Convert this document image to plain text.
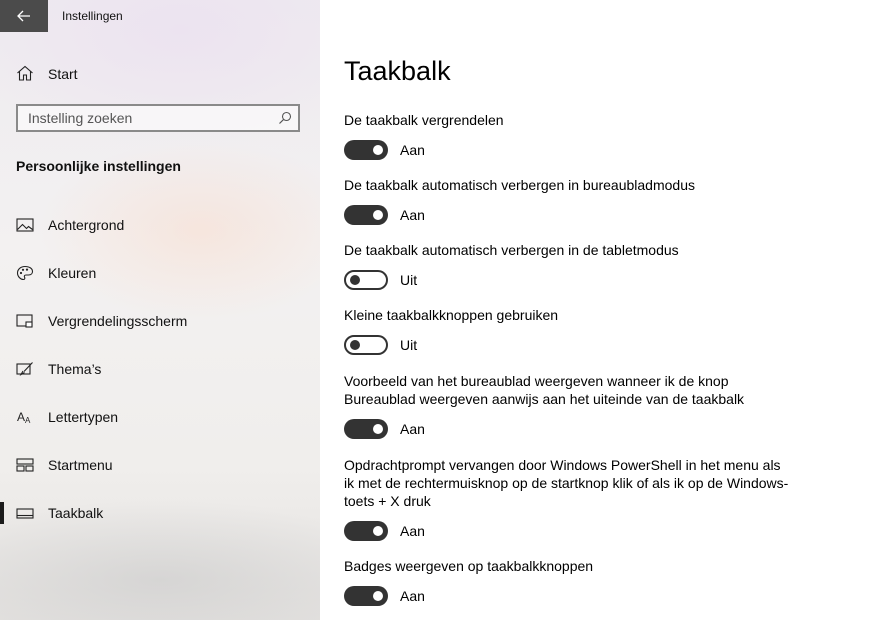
Instellingen
Start
Instelling zoeken
Persoonlijke instellingen
Achtergrond
Kleuren
Vergrendelingsscherm
Thema’s
A A Lettertypen
Startmenu
Taakbalk
Taakbalk
De taakbalk vergrendelen
Aan
De taakbalk automatisch verbergen in bureaubladmodus
Aan
De taakbalk automatisch verbergen in de tabletmodus
Uit
Kleine taakbalkknoppen gebruiken
Uit
Voorbeeld van het bureaublad weergeven wanneer ik de knop Bureaublad weergeven aanwijs aan het uiteinde van de taakbalk
Aan
Opdrachtprompt vervangen door Windows PowerShell in het menu als ik met de rechtermuisknop op de startknop klik of als ik op de Windows-toets + X druk
Aan
Badges weergeven op taakbalkknoppen
Aan
